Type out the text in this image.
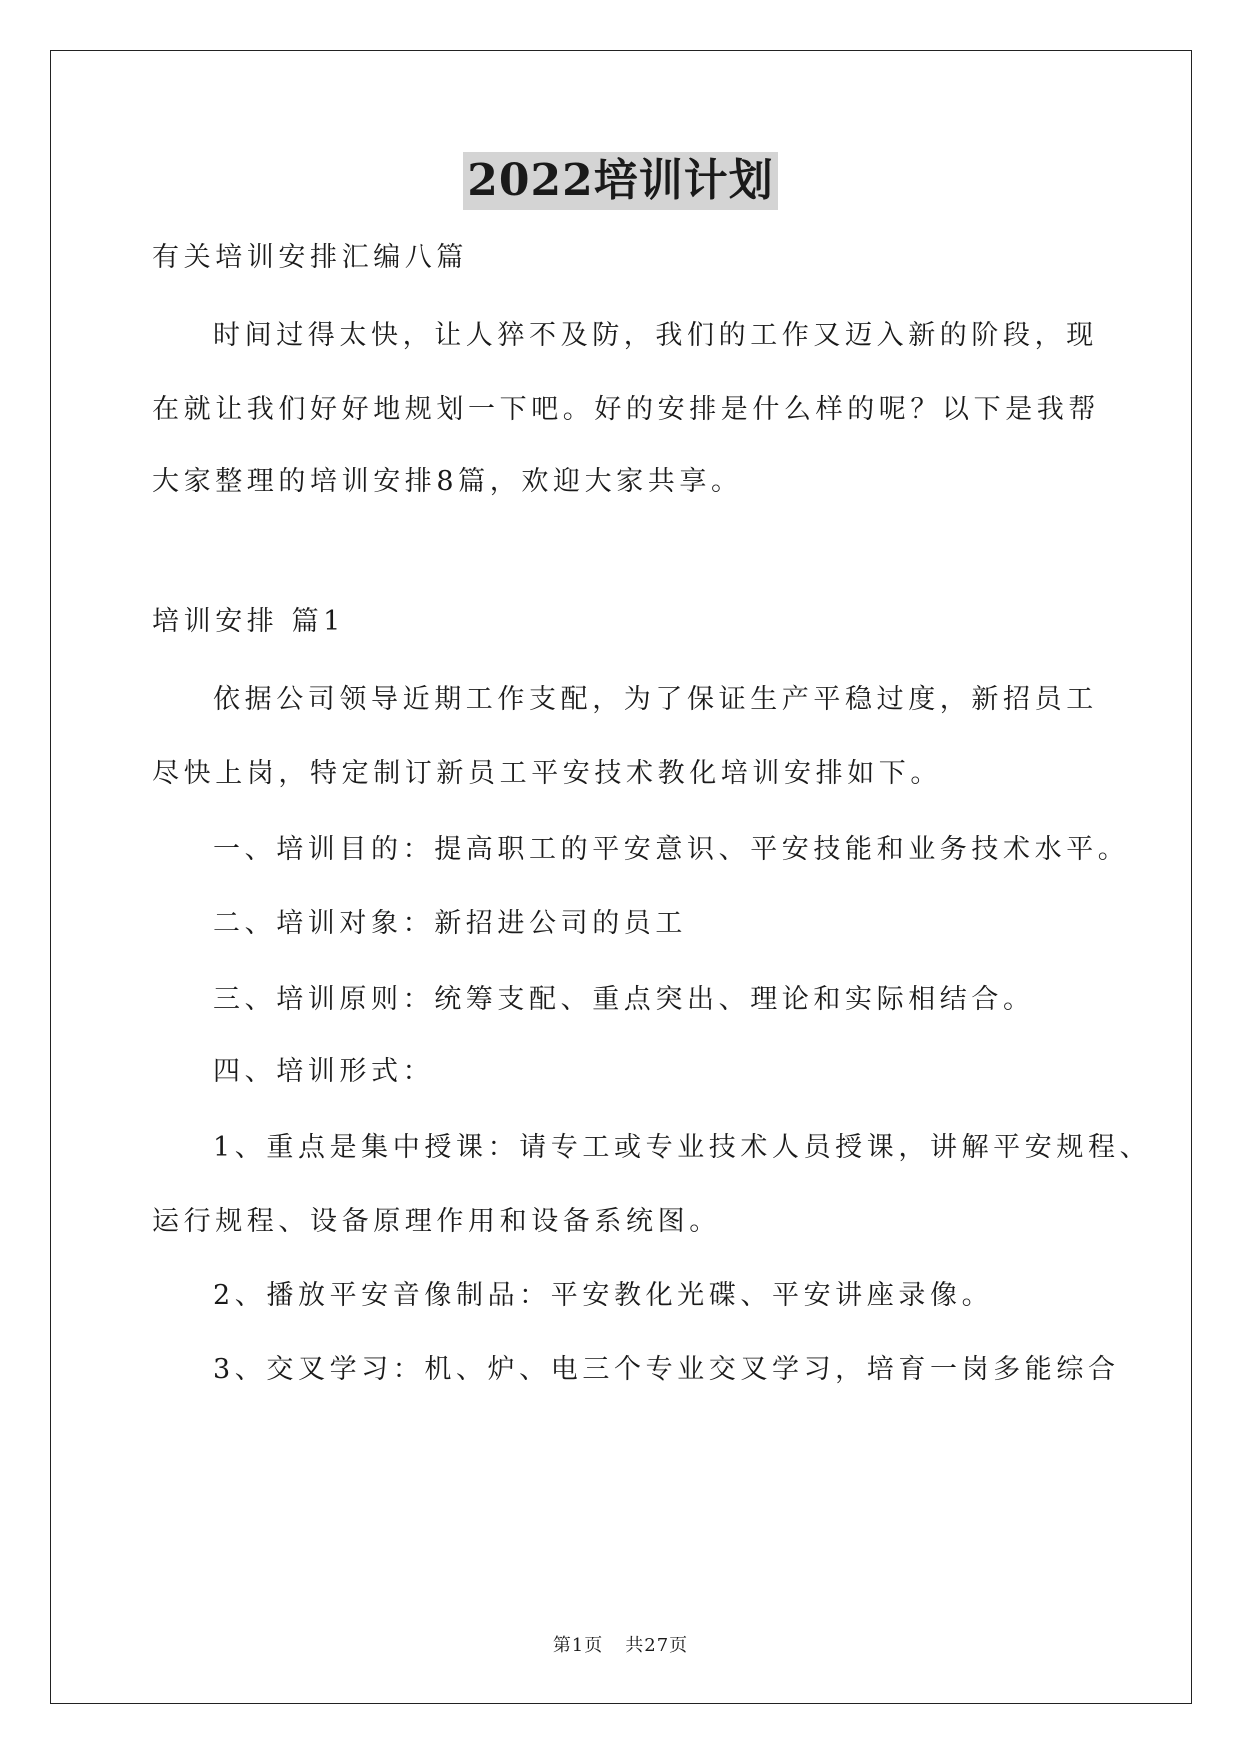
2022培训计划
有关培训安排汇编八篇
时间过得太快，让人猝不及防，我们的工作又迈入新的阶段，现
在就让我们好好地规划一下吧。好的安排是什么样的呢？以下是我帮
大家整理的培训安排8篇，欢迎大家共享。
培训安排 篇1
依据公司领导近期工作支配，为了保证生产平稳过度，新招员工
尽快上岗，特定制订新员工平安技术教化培训安排如下。
一、培训目的：提高职工的平安意识、平安技能和业务技术水平。
二、培训对象：新招进公司的员工
三、培训原则：统筹支配、重点突出、理论和实际相结合。
四、培训形式：
1、重点是集中授课：请专工或专业技术人员授课，讲解平安规程、
运行规程、设备原理作用和设备系统图。
2、播放平安音像制品：平安教化光碟、平安讲座录像。
3、交叉学习：机、炉、电三个专业交叉学习，培育一岗多能综合
第1页 共27页
